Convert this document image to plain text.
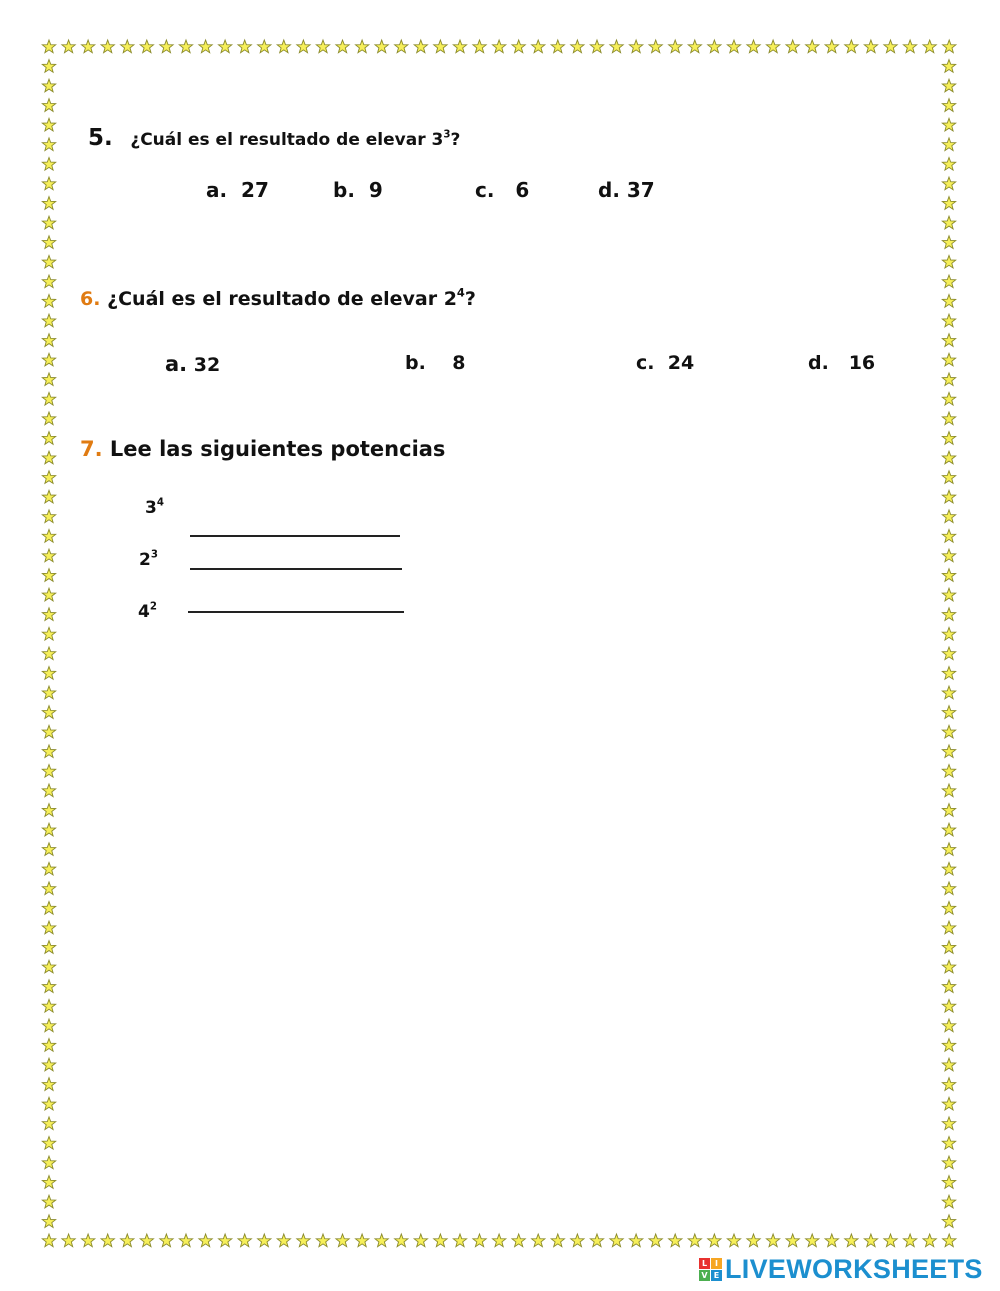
5. ¿Cuál es el resultado de elevar $3^3$?
a. 27	b. 9	c. 6	d. 37
6. ¿Cuál es el resultado de elevar $2^4$?
a. 32	b. 8	c. 24	d. 16
7. Lee las siguientes potencias
$3^4$
$2^3$
$4^2$
L I
V E LIVEWORKSHEETS
